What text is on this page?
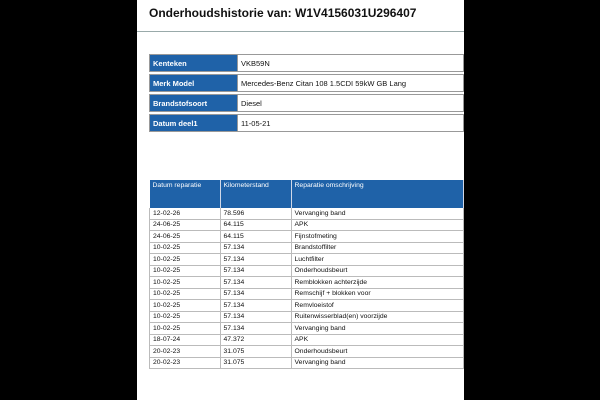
Onderhoudshistorie van: W1V4156031U296407
Kenteken	VKB59N

Merk Model	Mercedes-Benz Citan 108 1.5CDI 59kW GB Lang

Brandstofsoort	Diesel

Datum deel1	11-05-21
Datum reparatie	Kilometerstand	Reparatie omschrijving
12-02-26	78.596	Vervanging band
24-06-25	64.115	APK
24-06-25	64.115	Fijnstofmeting
10-02-25	57.134	Brandstoffilter
10-02-25	57.134	Luchtfilter
10-02-25	57.134	Onderhoudsbeurt
10-02-25	57.134	Remblokken achterzijde
10-02-25	57.134	Remschijf + blokken voor
10-02-25	57.134	Remvloeistof
10-02-25	57.134	Ruitenwisserblad(en) voorzijde
10-02-25	57.134	Vervanging band
18-07-24	47.372	APK
20-02-23	31.075	Onderhoudsbeurt
20-02-23	31.075	Vervanging band
